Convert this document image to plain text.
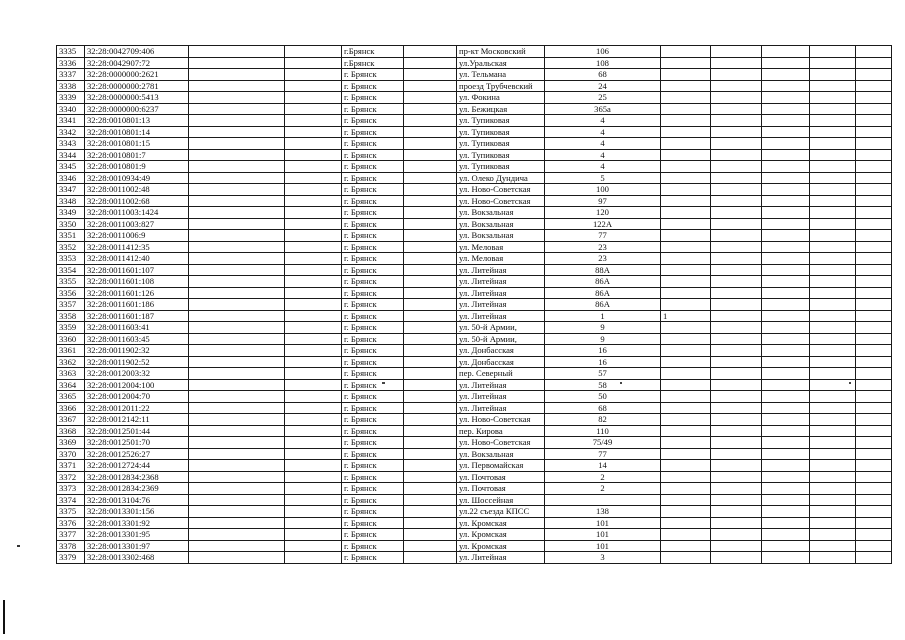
3335	32:28:0042709:406			г.Брянск		пр-кт Московский	106					
3336	32:28:0042907:72			г.Брянск		ул.Уральская	108					
3337	32:28:0000000:2621			г. Брянск		ул. Тельмана	68					
3338	32:28:0000000:2781			г. Брянск		проезд Трубчевский	24					
3339	32:28:0000000:5413			г. Брянск		ул. Фокина	25					
3340	32:28:0000000:6237			г. Брянск		ул. Бежицкая	365а					
3341	32:28:0010801:13			г. Брянск		ул. Тупиковая	4					
3342	32:28:0010801:14			г. Брянск		ул. Тупиковая	4					
3343	32:28:0010801:15			г. Брянск		ул. Тупиковая	4					
3344	32:28:0010801:7			г. Брянск		ул. Тупиковая	4					
3345	32:28:0010801:9			г. Брянск		ул. Тупиковая	4					
3346	32:28:0010934:49			г. Брянск		ул. Олеко Дундича	5					
3347	32:28:0011002:48			г. Брянск		ул. Ново-Советская	100					
3348	32:28:0011002:68			г. Брянск		ул. Ново-Советская	97					
3349	32:28:0011003:1424			г. Брянск		ул. Вокзальная	120					
3350	32:28:0011003:827			г. Брянск		ул. Вокзальная	122А					
3351	32:28:0011006:9			г. Брянск		ул. Вокзальная	77					
3352	32:28:0011412:35			г. Брянск		ул. Меловая	23					
3353	32:28:0011412:40			г. Брянск		ул. Меловая	23					
3354	32:28:0011601:107			г. Брянск		ул. Литейная	88А					
3355	32:28:0011601:108			г. Брянск		ул. Литейная	86А					
3356	32:28:0011601:126			г. Брянск		ул. Литейная	86А					
3357	32:28:0011601:186			г. Брянск		ул. Литейная	86А					
3358	32:28:0011601:187			г. Брянск		ул. Литейная	1	1				
3359	32:28:0011603:41			г. Брянск		ул. 50-й Армии,	9					
3360	32:28:0011603:45			г. Брянск		ул. 50-й Армии,	9					
3361	32:28:0011902:32			г. Брянск		ул. Донбасская	16					
3362	32:28:0011902:52			г. Брянск		ул. Донбасская	16					
3363	32:28:0012003:32			г. Брянск		пер. Северный	57					
3364	32:28:0012004:100			г. Брянск		ул. Литейная	58					
3365	32:28:0012004:70			г. Брянск		ул. Литейная	50					
3366	32:28:0012011:22			г. Брянск		ул. Литейная	68					
3367	32:28:0012142:11			г. Брянск		ул. Ново-Советская	82					
3368	32:28:0012501:44			г. Брянск		пер. Кирова	110					
3369	32:28:0012501:70			г. Брянск		ул. Ново-Советская	75/49					
3370	32:28:0012526:27			г. Брянск		ул. Вокзальная	77					
3371	32:28:0012724:44			г. Брянск		ул. Первомайская	14					
3372	32:28:0012834:2368			г. Брянск		ул. Почтовая	2					
3373	32:28:0012834:2369			г. Брянск		ул. Почтовая	2					
3374	32:28:0013104:76			г. Брянск		ул. Шоссейная						
3375	32:28:0013301:156			г. Брянск		ул.22 съезда КПСС	138					
3376	32:28:0013301:92			г. Брянск		ул. Кромская	101					
3377	32:28:0013301:95			г. Брянск		ул. Кромская	101					
3378	32:28:0013301:97			г. Брянск		ул. Кромская	101					
3379	32:28:0013302:468			г. Брянск		ул. Литейная	3					
